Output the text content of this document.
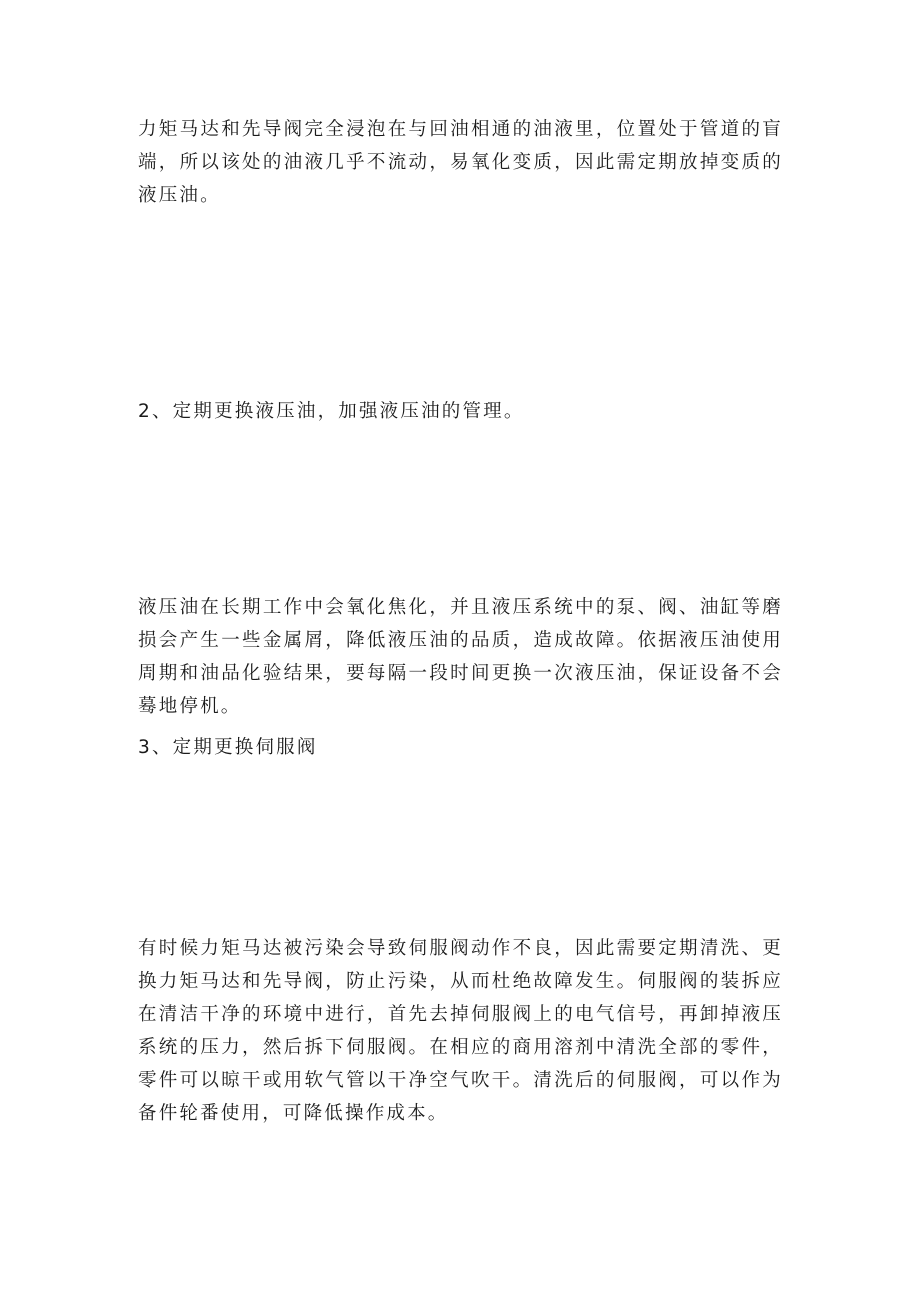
力矩马达和先导阀完全浸泡在与回油相通的油液里，位置处于管道的盲端，所以该处的油液几乎不流动，易氧化变质，因此需定期放掉变质的液压油。

2、定期更换液压油，加强液压油的管理。

液压油在长期工作中会氧化焦化，并且液压系统中的泵、阀、油缸等磨损会产生一些金属屑，降低液压油的品质，造成故障。依据液压油使用周期和油品化验结果，要每隔一段时间更换一次液压油，保证设备不会蓦地停机。

3、定期更换伺服阀

有时候力矩马达被污染会导致伺服阀动作不良，因此需要定期清洗、更换力矩马达和先导阀，防止污染，从而杜绝故障发生。伺服阀的装拆应在清洁干净的环境中进行，首先去掉伺服阀上的电气信号，再卸掉液压系统的压力，然后拆下伺服阀。在相应的商用溶剂中清洗全部的零件，零件可以晾干或用软气管以干净空气吹干。清洗后的伺服阀，可以作为备件轮番使用，可降低操作成本。
